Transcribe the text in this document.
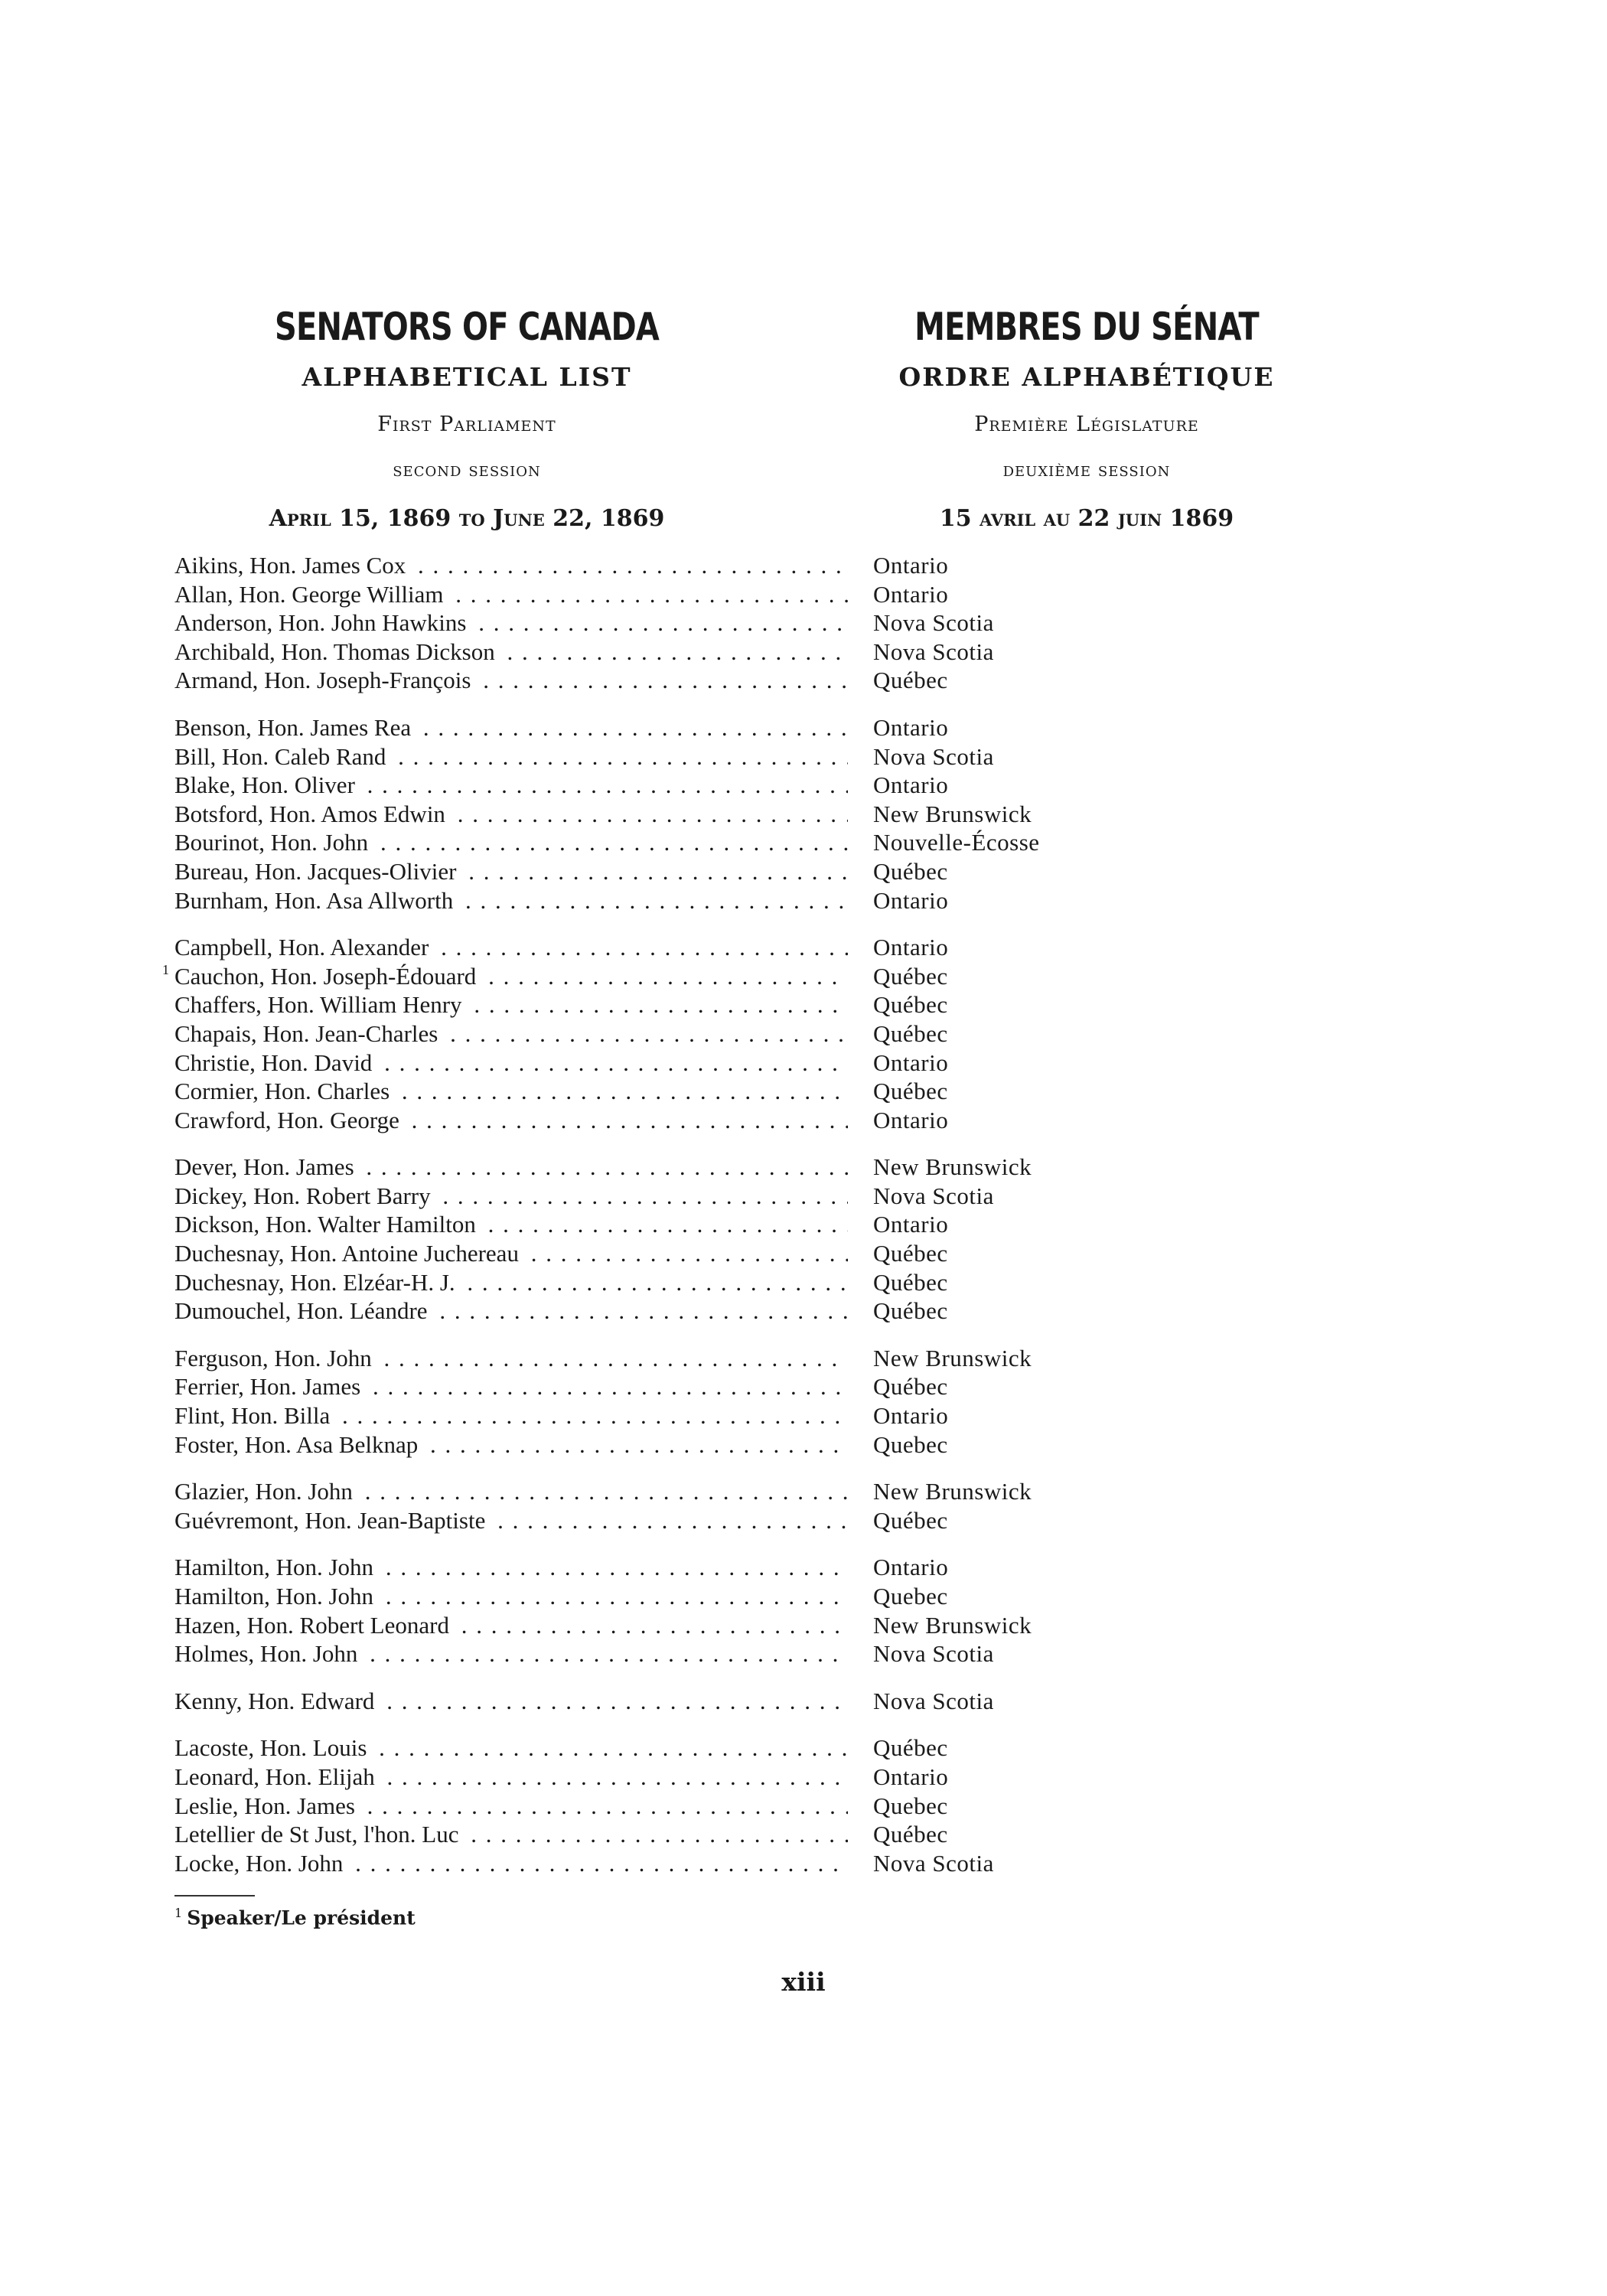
SENATORS OF CANADA
ALPHABETICAL LIST
First Parliament
second session
April 15, 1869 to June 22, 1869
MEMBRES DU SÉNAT
ORDRE ALPHABÉTIQUE
Première Législature
deuxième session
15 avril au 22 juin 1869
Aikins, Hon. James Cox . . .	Ontario
Allan, Hon. George William . . .	Ontario
Anderson, Hon. John Hawkins . . .	Nova Scotia
Archibald, Hon. Thomas Dickson . . .	Nova Scotia
Armand, Hon. Joseph-François . . .	Québec
Benson, Hon. James Rea . . .	Ontario
Bill, Hon. Caleb Rand . . .	Nova Scotia
Blake, Hon. Oliver . . .	Ontario
Botsford, Hon. Amos Edwin . . .	New Brunswick
Bourinot, Hon. John . . .	Nouvelle-Écosse
Bureau, Hon. Jacques-Olivier . . .	Québec
Burnham, Hon. Asa Allworth . . .	Ontario
Campbell, Hon. Alexander . . .	Ontario
1 Cauchon, Hon. Joseph-Édouard . . .	Québec
Chaffers, Hon. William Henry . . .	Québec
Chapais, Hon. Jean-Charles . . .	Québec
Christie, Hon. David . . .	Ontario
Cormier, Hon. Charles . . .	Québec
Crawford, Hon. George . . .	Ontario
Dever, Hon. James . . .	New Brunswick
Dickey, Hon. Robert Barry . . .	Nova Scotia
Dickson, Hon. Walter Hamilton . . .	Ontario
Duchesnay, Hon. Antoine Juchereau . . .	Québec
Duchesnay, Hon. Elzéar-H. J. . . .	Québec
Dumouchel, Hon. Léandre . . .	Québec
Ferguson, Hon. John . . .	New Brunswick
Ferrier, Hon. James . . .	Québec
Flint, Hon. Billa . . .	Ontario
Foster, Hon. Asa Belknap . . .	Quebec
Glazier, Hon. John . . .	New Brunswick
Guévremont, Hon. Jean-Baptiste . . .	Québec
Hamilton, Hon. John . . .	Ontario
Hamilton, Hon. John . . .	Quebec
Hazen, Hon. Robert Leonard . . .	New Brunswick
Holmes, Hon. John . . .	Nova Scotia
Kenny, Hon. Edward . . .	Nova Scotia
Lacoste, Hon. Louis . . .	Québec
Leonard, Hon. Elijah . . .	Ontario
Leslie, Hon. James . . .	Quebec
Letellier de St Just, l'hon. Luc . . .	Québec
Locke, Hon. John . . .	Nova Scotia
$^1$ Speaker/Le président
xiii
